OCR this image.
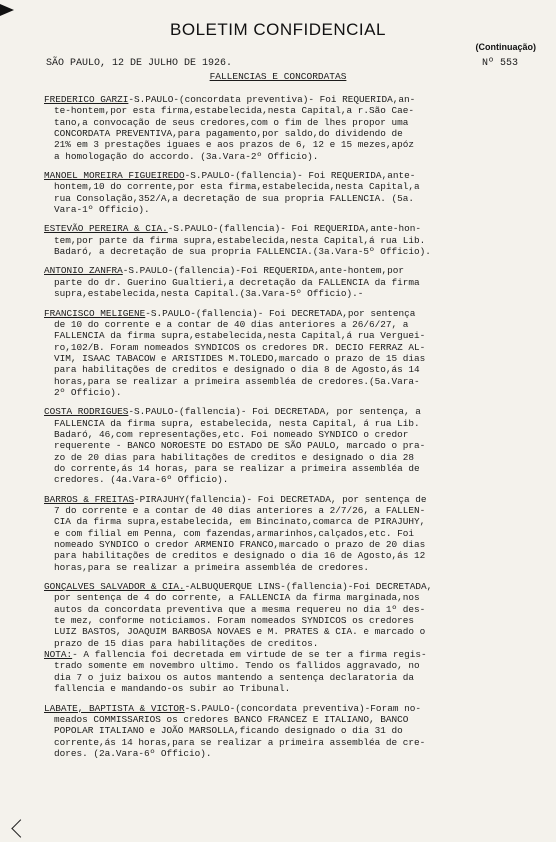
BOLETIM CONFIDENCIAL
(Continuação)
SÃO PAULO, 12 DE JULHO DE 1926.	Nº 553
FALLENCIAS E CONCORDATAS
FREDERICO GARZI-S.PAULO-(concordata preventiva)- Foi REQUERIDA,an-
te-hontem,por esta firma,estabelecida,nesta Capital,a r.São Cae-
tano,a convocação de seus credores,com o fim de lhes propor uma
CONCORDATA PREVENTIVA,para pagamento,por saldo,do dividendo de
21% em 3 prestações iguaes e aos prazos de 6, 12 e 15 mezes,apóz
a homologação do accordo. (3a.Vara-2º Officio).
MANOEL MOREIRA FIGUEIREDO-S.PAULO-(fallencia)- Foi REQUERIDA,ante-
hontem,10 do corrente,por esta firma,estabelecida,nesta Capital,a
rua Consolação,352/A,a decretação de sua propria FALLENCIA. (5a.
Vara-1º Officio).
ESTEVÃO PEREIRA & CIA.-S.PAULO-(fallencia)- Foi REQUERIDA,ante-hon-
tem,por parte da firma supra,estabelecida,nesta Capital,á rua Lib.
Badaró, a decretação de sua propria FALLENCIA.(3a.Vara-5º Officio).
ANTONIO ZANFRA-S.PAULO-(fallencia)-Foi REQUERIDA,ante-hontem,por
parte do dr. Guerino Gualtieri,a decretação da FALLENCIA da firma
supra,estabelecida,nesta Capital.(3a.Vara-5º Officio).-
FRANCISCO MELIGENE-S.PAULO-(fallencia)- Foi DECRETADA,por sentença
de 10 do corrente e a contar de 40 dias anteriores a 26/6/27, a
FALLENCIA da firma supra,estabelecida,nesta Capital,á rua Verguei-
ro,102/B. Foram nomeados SYNDICOS os credores DR. DECIO FERRAZ AL-
VIM, ISAAC TABACOW e ARISTIDES M.TOLEDO,marcado o prazo de 15 dias
para habilitações de creditos e designado o dia 8 de Agosto,ás 14
horas,para se realizar a primeira assembléa de credores.(5a.Vara-
2º Officio).
COSTA RODRIGUES-S.PAULO-(fallencia)- Foi DECRETADA, por sentença, a
FALLENCIA da firma supra, estabelecida, nesta Capital, á rua Lib.
Badaró, 46,com representações,etc. Foi nomeado SYNDICO o credor
requerente - BANCO NOROESTE DO ESTADO DE SÃO PAULO, marcado o pra-
zo de 20 dias para habilitações de creditos e designado o dia 28
do corrente,ás 14 horas, para se realizar a primeira assembléa de
credores. (4a.Vara-6º Officio).
BARROS & FREITAS-PIRAJUHY(fallencia)- Foi DECRETADA, por sentença de
7 do corrente e a contar de 40 dias anteriores a 2/7/26, a FALLEN-
CIA da firma supra,estabelecida, em Bincinato,comarca de PIRAJUHY,
e com filial em Penna, com fazendas,armarinhos,calçados,etc. Foi
nomeado SYNDICO o credor ARMENIO FRANCO,marcado o prazo de 20 dias
para habilitações de creditos e designado o dia 16 de Agosto,ás 12
horas,para se realizar a primeira assembléa de credores.
GONÇALVES SALVADOR & CIA.-ALBUQUERQUE LINS-(fallencia)-Foi DECRETADA,
por sentença de 4 do corrente, a FALLENCIA da firma marginada,nos
autos da concordata preventiva que a mesma requereu no dia 1º des-
te mez, conforme noticiamos. Foram nomeados SYNDICOS os credores
LUIZ BASTOS, JOAQUIM BARBOSA NOVAES e M. PRATES & CIA. e marcado o
prazo de 15 dias para habilitações de creditos.
NOTA:- A fallencia foi decretada em virtude de se ter a firma regis-
trado somente em novembro ultimo. Tendo os fallidos aggravado, no
dia 7 o juiz baixou os autos mantendo a sentença declaratoria da
fallencia e mandando-os subir ao Tribunal.
LABATE, BAPTISTA & VICTOR-S.PAULO-(concordata preventiva)-Foram no-
meados COMMISSARIOS os credores BANCO FRANCEZ E ITALIANO, BANCO
POPOLAR ITALIANO e JOÃO MARSOLLA,ficando designado o dia 31 do
corrente,ás 14 horas,para se realizar a primeira assembléa de cre-
dores. (2a.Vara-6º Officio).
